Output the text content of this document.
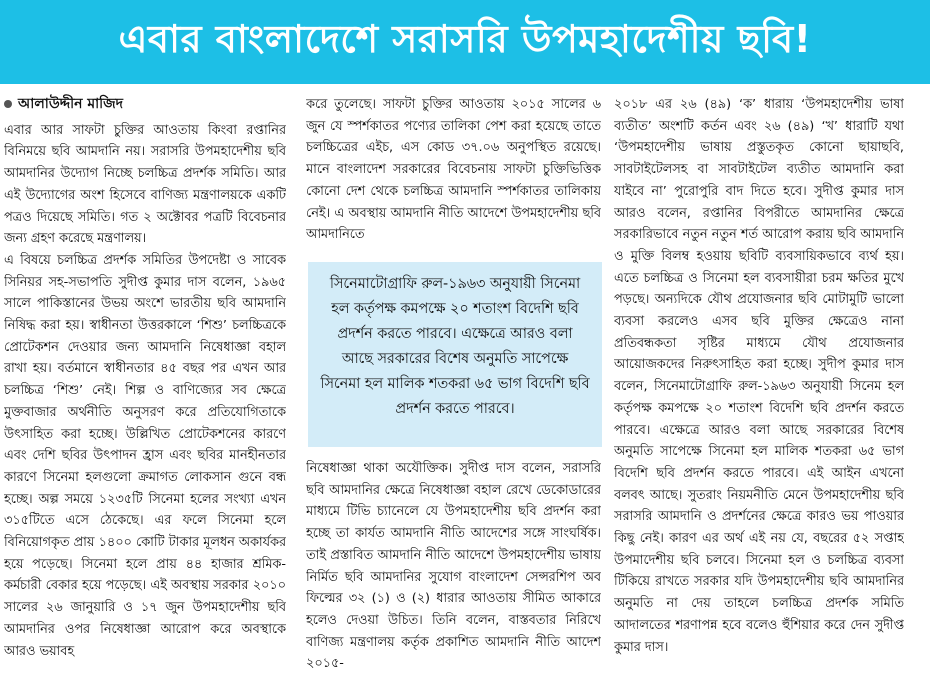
এবার বাংলাদেশে সরাসরি উপমহাদেশীয় ছবি!
আলাউদ্দীন মাজিদ

এবার আর সাফটা চুক্তির আওতায় কিংবা রপ্তানির বিনিময়ে ছবি আমদানি নয়। সরাসরি উপমহাদেশীয় ছবি আমদানির উদ্যোগ নিচ্ছে চলচ্চিত্র প্রদর্শক সমিতি। আর এই উদ্যোগের অংশ হিসেবে বাণিজ্য মন্ত্রণালয়কে একটি পত্রও দিয়েছে সমিতি। গত ২ অক্টোবর পত্রটি বিবেচনার জন্য গ্রহণ করেছে মন্ত্রণালয়।

এ বিষয়ে চলচ্চিত্র প্রদর্শক সমিতির উপদেষ্টা ও সাবেক সিনিয়র সহ-সভাপতি সুদীপ্ত কুমার দাস বলেন, ১৯৬৫ সালে পাকিস্তানের উভয় অংশে ভারতীয় ছবি আমদানি নিষিদ্ধ করা হয়। স্বাধীনতা উত্তরকালে ‘শিশু’ চলচ্চিত্রকে প্রোটেকশন দেওয়ার জন্য আমদানি নিষেধাজ্ঞা বহাল রাখা হয়। বর্তমানে স্বাধীনতার ৪৫ বছর পর এখন আর চলচ্চিত্র ‘শিশু’ নেই। শিল্প ও বাণিজ্যের সব ক্ষেত্রে মুক্তবাজার অর্থনীতি অনুসরণ করে প্রতিযোগিতাকে উৎসাহিত করা হচ্ছে। উল্লিখিত প্রোটেকশনের কারণে এবং দেশি ছবির উৎপাদন হ্রাস এবং ছবির মানহীনতার কারণে সিনেমা হলগুলো ক্রমাগত লোকসান গুনে বন্ধ হচ্ছে। অল্প সময়ে ১২৩৫টি সিনেমা হলের সংখ্যা এখন ৩১৫টিতে এসে ঠেকেছে। এর ফলে সিনেমা হলে বিনিয়োগকৃত প্রায় ১৪০০ কোটি টাকার মূলধন অকার্যকর হয়ে পড়েছে। সিনেমা হলে প্রায় ৪৪ হাজার শ্রমিক-কর্মচারী বেকার হয়ে পড়েছে। এই অবস্থায় সরকার ২০১০ সালের ২৬ জানুয়ারি ও ১৭ জুন উপমহাদেশীয় ছবি আমদানির ওপর নিষেধাজ্ঞা আরোপ করে অবস্থাকে আরও ভয়াবহ

করে তুলেছে। সাফটা চুক্তির আওতায় ২০১৫ সালের ৬ জুন যে স্পর্শকাতর পণ্যের তালিকা পেশ করা হয়েছে তাতে চলচ্চিত্রের এইচ, এস কোড ৩৭.০৬ অনুপস্থিত রয়েছে। মানে বাংলাদেশ সরকারের বিবেচনায় সাফটা চুক্তিভিত্তিক কোনো দেশ থেকে চলচ্চিত্র আমদানি স্পর্শকাতর তালিকায় নেই। এ অবস্থায় আমদানি নীতি আদেশে উপমহাদেশীয় ছবি আমদানিতে

সিনেমাটোগ্রাফি রুল-১৯৬৩ অনুযায়ী সিনেমা হল কর্তৃপক্ষ কমপক্ষে ২০ শতাংশ বিদেশি ছবি প্রদর্শন করতে পারবে। এক্ষেত্রে আরও বলা আছে সরকারের বিশেষ অনুমতি সাপেক্ষে সিনেমা হল মালিক শতকরা ৬৫ ভাগ বিদেশি ছবি প্রদর্শন করতে পারবে।

নিষেধাজ্ঞা থাকা অযৌক্তিক। সুদীপ্ত দাস বলেন, সরাসরি ছবি আমদানির ক্ষেত্রে নিষেধাজ্ঞা বহাল রেখে ডেকোডারের মাধ্যমে টিভি চ্যানেলে যে উপমহাদেশীয় ছবি প্রদর্শন করা হচ্ছে তা কার্যত আমদানি নীতি আদেশের সঙ্গে সাংঘর্ষিক। তাই প্রস্তাবিত আমদানি নীতি আদেশে উপমহাদেশীয় ভাষায় নির্মিত ছবি আমদানির সুযোগ বাংলাদেশ সেন্সরশিপ অব ফিল্মের ৩২ (১) ও (২) ধারার আওতায় সীমিত আকারে হলেও দেওয়া উচিত। তিনি বলেন, বাস্তবতার নিরিখে বাণিজ্য মন্ত্রণালয় কর্তৃক প্রকাশিত আমদানি নীতি আদেশ ২০১৫-

২০১৮ এর ২৬ (৪৯) ‘ক’ ধারায় ‘উপমহাদেশীয় ভাষা ব্যতীত’ অংশটি কর্তন এবং ২৬ (৪৯) ‘খ’ ধারাটি যথা ‘উপমহাদেশীয় ভাষায় প্রস্তুতকৃত কোনো ছায়াছবি, সাবটাইটেলসহ বা সাবটাইটেল ব্যতীত আমদানি করা যাইবে না’ পুরোপুরি বাদ দিতে হবে। সুদীপ্ত কুমার দাস আরও বলেন, রপ্তানির বিপরীতে আমদানির ক্ষেত্রে সরকারিভাবে নতুন নতুন শর্ত আরোপ করায় ছবি আমদানি ও মুক্তি বিলম্ব হওয়ায় ছবিটি ব্যবসায়িকভাবে ব্যর্থ হয়। এতে চলচ্চিত্র ও সিনেমা হল ব্যবসায়ীরা চরম ক্ষতির মুখে পড়ছে। অন্যদিকে যৌথ প্রযোজনার ছবি মোটামুটি ভালো ব্যবসা করলেও এসব ছবি মুক্তির ক্ষেত্রেও নানা প্রতিবন্ধকতা সৃষ্টির মাধ্যমে যৌথ প্রযোজনার আয়োজকদের নিরুৎসাহিত করা হচ্ছে। সুদীপ কুমার দাস বলেন, সিনেমাটোগ্রাফি রুল-১৯৬৩ অনুযায়ী সিনেম হল কর্তৃপক্ষ কমপক্ষে ২০ শতাংশ বিদেশি ছবি প্রদর্শন করতে পারবে। এক্ষেত্রে আরও বলা আছে সরকারের বিশেষ অনুমতি সাপেক্ষে সিনেমা হল মালিক শতকরা ৬৫ ভাগ বিদেশি ছবি প্রদর্শন করতে পারবে। এই আইন এখনো বলবৎ আছে। সুতরাং নিয়মনীতি মেনে উপমহাদেশীয় ছবি সরাসরি আমদানি ও প্রদর্শনের ক্ষেত্রে কারও ভয় পাওয়ার কিছু নেই। কারণ এর অর্থ এই নয় যে, বছরের ৫২ সপ্তাহ উপমাদেশীয় ছবি চলবে। সিনেমা হল ও চলচ্চিত্র ব্যবসা টিকিয়ে রাখতে সরকার যদি উপমহাদেশীয় ছবি আমদানির অনুমতি না দেয় তাহলে চলচ্চিত্র প্রদর্শক সমিতি আদালতের শরণাপন্ন হবে বলেও হুঁশিয়ার করে দেন সুদীপ্ত কুমার দাস।
